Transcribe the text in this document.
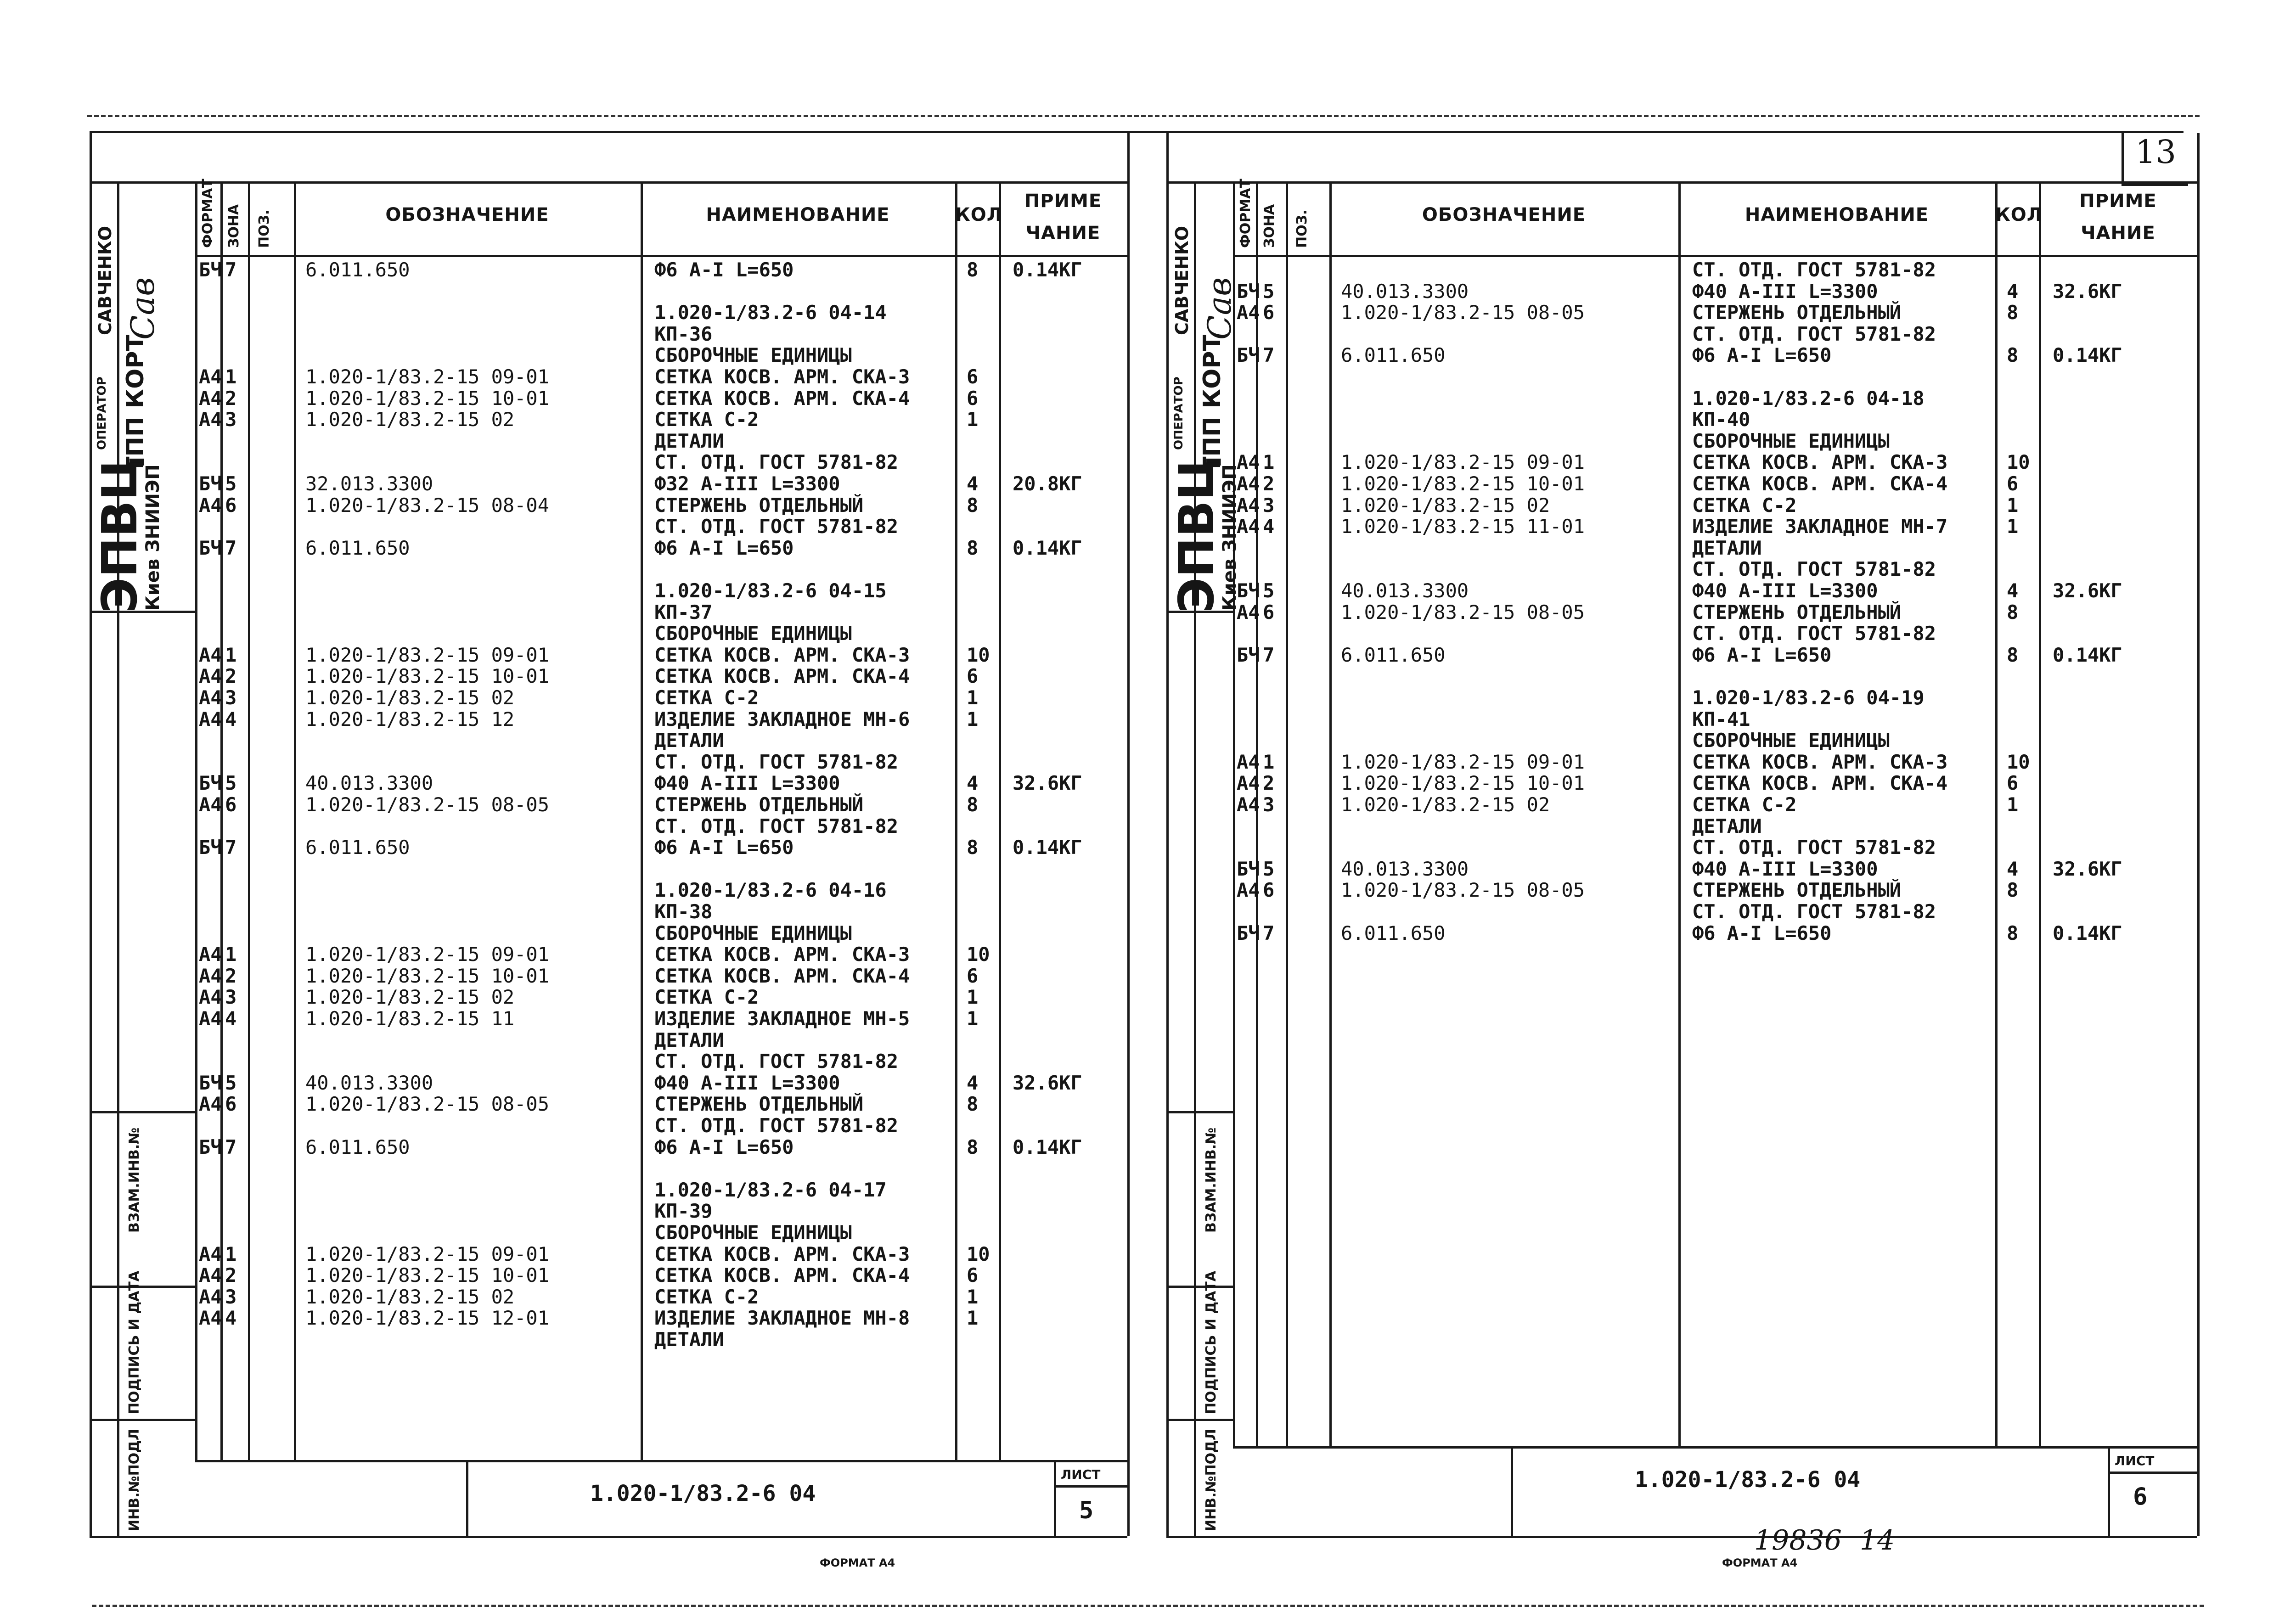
13
ФОРМАТ ЗОНА ПОЗ.	ОБОЗНАЧЕНИЕ	НАИМЕНОВАНИЕ	КОЛ
ПРИМЕ
ЧАНИЕ
БЧ 7	6.011.650	Ф6 А-I L=650	8 0.14КГ
1.020-1/83.2-6 04-14
КП-36
СБОРОЧНЫЕ ЕДИНИЦЫ
А4 1	1.020-1/83.2-15 09-01	СЕТКА КОСВ. АРМ. СКА-3	6
А4 2	1.020-1/83.2-15 10-01	СЕТКА КОСВ. АРМ. СКА-4	6
А4 3	1.020-1/83.2-15 02	СЕТКА С-2	1
ДЕТАЛИ
СТ. ОТД. ГОСТ 5781-82
БЧ 5	32.013.3300	Ф32 А-III L=3300	4 20.8КГ
А4 6	1.020-1/83.2-15 08-04	СТЕРЖЕНЬ ОТДЕЛЬНЫЙ	8
СТ. ОТД. ГОСТ 5781-82
БЧ 7	6.011.650	Ф6 А-I L=650	8 0.14КГ
1.020-1/83.2-6 04-15
КП-37
СБОРОЧНЫЕ ЕДИНИЦЫ
А4 1	1.020-1/83.2-15 09-01	СЕТКА КОСВ. АРМ. СКА-3	10
А4 2	1.020-1/83.2-15 10-01	СЕТКА КОСВ. АРМ. СКА-4	6
А4 3	1.020-1/83.2-15 02	СЕТКА С-2	1
А4 4	1.020-1/83.2-15 12	ИЗДЕЛИЕ ЗАКЛАДНОЕ МН-6	1
ДЕТАЛИ
СТ. ОТД. ГОСТ 5781-82
БЧ 5	40.013.3300	Ф40 А-III L=3300	4 32.6КГ
А4 6	1.020-1/83.2-15 08-05	СТЕРЖЕНЬ ОТДЕЛЬНЫЙ	8
СТ. ОТД. ГОСТ 5781-82
БЧ 7	6.011.650	Ф6 А-I L=650	8 0.14КГ
1.020-1/83.2-6 04-16
КП-38
СБОРОЧНЫЕ ЕДИНИЦЫ
А4 1	1.020-1/83.2-15 09-01	СЕТКА КОСВ. АРМ. СКА-3	10
А4 2	1.020-1/83.2-15 10-01	СЕТКА КОСВ. АРМ. СКА-4	6
А4 3	1.020-1/83.2-15 02	СЕТКА С-2	1
А4 4	1.020-1/83.2-15 11	ИЗДЕЛИЕ ЗАКЛАДНОЕ МН-5	1
ДЕТАЛИ
СТ. ОТД. ГОСТ 5781-82
БЧ 5	40.013.3300	Ф40 А-III L=3300	4 32.6КГ
А4 6	1.020-1/83.2-15 08-05	СТЕРЖЕНЬ ОТДЕЛЬНЫЙ	8
СТ. ОТД. ГОСТ 5781-82
БЧ 7	6.011.650	Ф6 А-I L=650	8 0.14КГ
1.020-1/83.2-6 04-17
КП-39
СБОРОЧНЫЕ ЕДИНИЦЫ
А4 1	1.020-1/83.2-15 09-01	СЕТКА КОСВ. АРМ. СКА-3	10
А4 2	1.020-1/83.2-15 10-01	СЕТКА КОСВ. АРМ. СКА-4	6
А4 3	1.020-1/83.2-15 02	СЕТКА С-2	1
А4 4	1.020-1/83.2-15 12-01	ИЗДЕЛИЕ ЗАКЛАДНОЕ МН-8	1
ДЕТАЛИ
1.020-1/83.2-6 04
ЛИСТ
5
ФОРМАТ А4
ЭПВЦ
Киев ЗНИИЭП
ОПЕРАТОР ТПП КОРТ
САВЧЕНКО Сав
ВЗАМ.ИНВ.№
ПОДПИСЬ И ДАТА
ИНВ.№ПОДЛ
ФОРМАТ ЗОНА ПОЗ.	ОБОЗНАЧЕНИЕ	НАИМЕНОВАНИЕ	КОЛ
ПРИМЕ
ЧАНИЕ
СТ. ОТД. ГОСТ 5781-82
БЧ 5	40.013.3300	Ф40 А-III L=3300	4 32.6КГ
А4 6	1.020-1/83.2-15 08-05	СТЕРЖЕНЬ ОТДЕЛЬНЫЙ	8
СТ. ОТД. ГОСТ 5781-82
БЧ 7	6.011.650	Ф6 А-I L=650	8 0.14КГ
1.020-1/83.2-6 04-18
КП-40
СБОРОЧНЫЕ ЕДИНИЦЫ
А4 1	1.020-1/83.2-15 09-01	СЕТКА КОСВ. АРМ. СКА-3	10
А4 2	1.020-1/83.2-15 10-01	СЕТКА КОСВ. АРМ. СКА-4	6
А4 3	1.020-1/83.2-15 02	СЕТКА С-2	1
А4 4	1.020-1/83.2-15 11-01	ИЗДЕЛИЕ ЗАКЛАДНОЕ МН-7	1
ДЕТАЛИ
СТ. ОТД. ГОСТ 5781-82
БЧ 5	40.013.3300	Ф40 А-III L=3300	4 32.6КГ
А4 6	1.020-1/83.2-15 08-05	СТЕРЖЕНЬ ОТДЕЛЬНЫЙ	8
СТ. ОТД. ГОСТ 5781-82
БЧ 7	6.011.650	Ф6 А-I L=650	8 0.14КГ
1.020-1/83.2-6 04-19
КП-41
СБОРОЧНЫЕ ЕДИНИЦЫ
А4 1	1.020-1/83.2-15 09-01	СЕТКА КОСВ. АРМ. СКА-3	10
А4 2	1.020-1/83.2-15 10-01	СЕТКА КОСВ. АРМ. СКА-4	6
А4 3	1.020-1/83.2-15 02	СЕТКА С-2	1
ДЕТАЛИ
СТ. ОТД. ГОСТ 5781-82
БЧ 5	40.013.3300	Ф40 А-III L=3300	4 32.6КГ
А4 6	1.020-1/83.2-15 08-05	СТЕРЖЕНЬ ОТДЕЛЬНЫЙ	8
СТ. ОТД. ГОСТ 5781-82
БЧ 7	6.011.650	Ф6 А-I L=650	8 0.14КГ
1.020-1/83.2-6 04
ЛИСТ
6
ФОРМАТ А4
ЭПВЦ
Киев ЗНИИЭП
ОПЕРАТОР ТПП КОРТ
САВЧЕНКО Сав
ВЗАМ.ИНВ.№
ПОДПИСЬ И ДАТА
ИНВ.№ПОДЛ
19836 14
